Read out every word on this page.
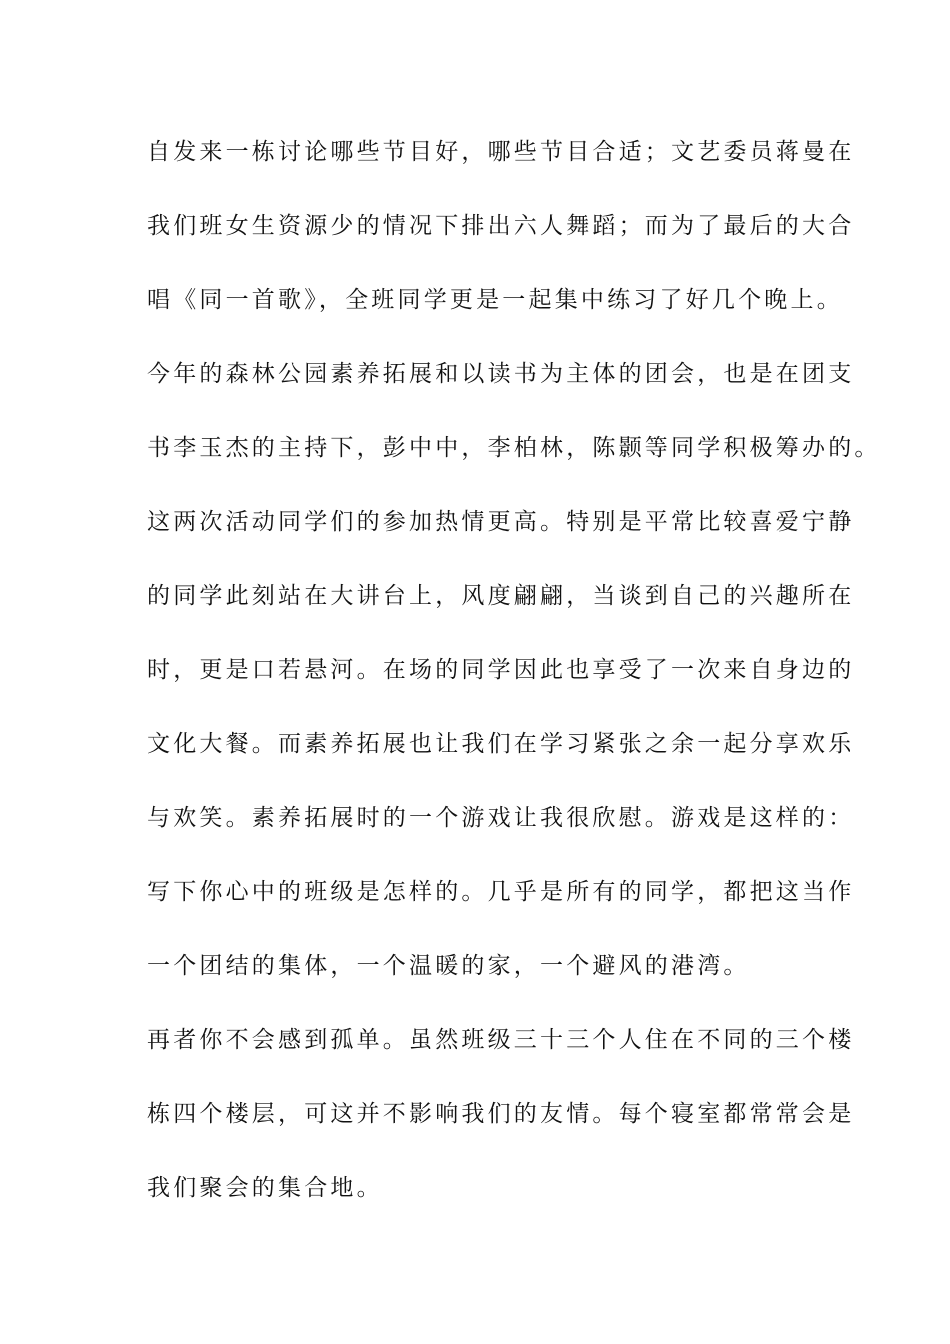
自发来一栋讨论哪些节目好，哪些节目合适；文艺委员蒋曼在
我们班女生资源少的情况下排出六人舞蹈；而为了最后的大合
唱《同一首歌》，全班同学更是一起集中练习了好几个晚上。
今年的森林公园素养拓展和以读书为主体的团会，也是在团支
书李玉杰的主持下，彭中中，李柏林，陈颢等同学积极筹办的。
这两次活动同学们的参加热情更高。特别是平常比较喜爱宁静
的同学此刻站在大讲台上，风度翩翩，当谈到自己的兴趣所在
时，更是口若悬河。在场的同学因此也享受了一次来自身边的
文化大餐。而素养拓展也让我们在学习紧张之余一起分享欢乐
与欢笑。素养拓展时的一个游戏让我很欣慰。游戏是这样的：
写下你心中的班级是怎样的。几乎是所有的同学，都把这当作
一个团结的集体，一个温暖的家，一个避风的港湾。
再者你不会感到孤单。虽然班级三十三个人住在不同的三个楼
栋四个楼层，可这并不影响我们的友情。每个寝室都常常会是
我们聚会的集合地。
